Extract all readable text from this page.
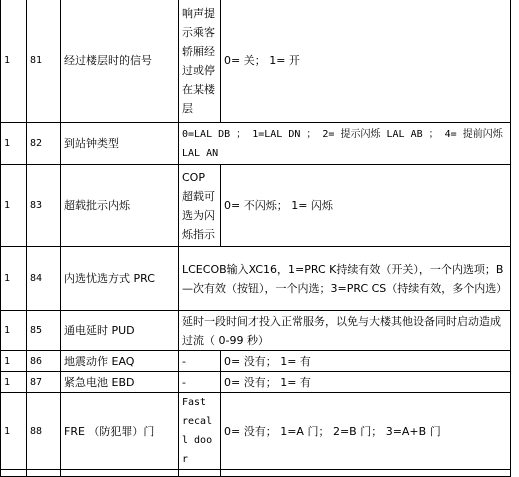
1	81	经过楼层时的信号	响声提示乘客轿厢经过或停在某楼层	0= 关； 1= 开
1	82	到站钟类型	0=LAL DB ； 1=LAL DN ； 2= 提示闪烁 LAL AB ； 4= 提前闪烁 LAL AN	
1	83	超载批示内烁	COP 超载可选为闪烁指示	0= 不闪烁； 1= 闪烁
1	84	内选忧选方式 PRC	LCECOB输入XC16，1=PRC K持续有效（开关），一个内选项；B—次有效（按钮），一个内选；3=PRC CS（持续有效，多个内选）	
1	85	通电延时 PUD	延时一段时间才投入正常服务，以免与大楼其他设备同时启动造成过流（ 0-99 秒）	
1	86	地震动作 EAQ	-	0= 没有； 1= 有
1	87	紧急电池 EBD	-	0= 没有； 1= 有
1	88	FRE （防犯罪）门	Fast recall door	0= 没有； 1=A 门； 2=B 门； 3=A+B 门
